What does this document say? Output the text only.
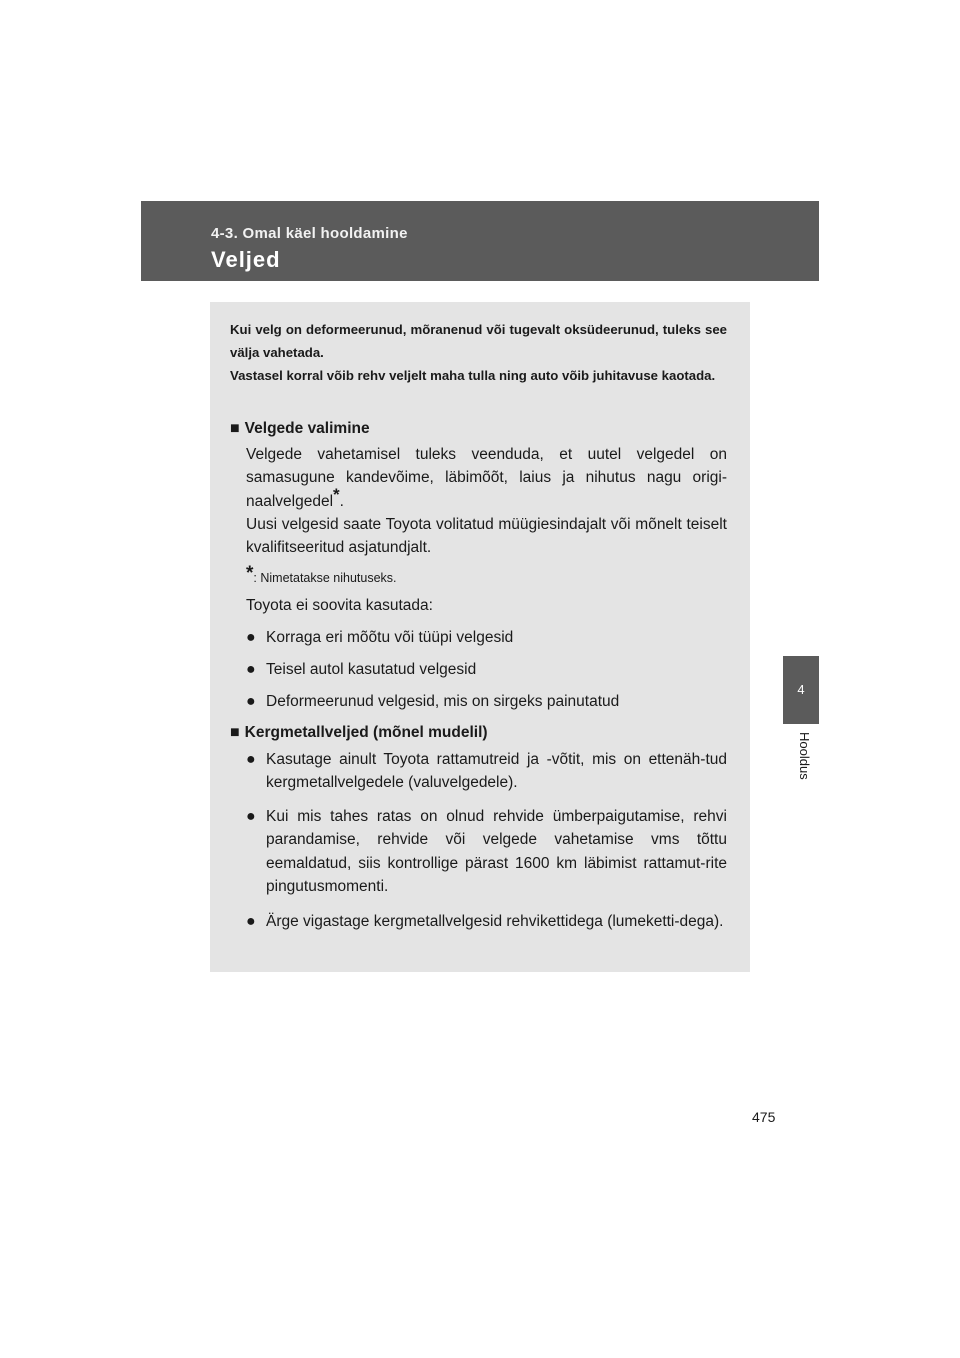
4-3. Omal käel hooldamine
Veljed
4
Hooldus

Kui velg on deformeerunud, mõranenud või tugevalt oksüdeerunud, tuleks see välja vahetada.

Vastasel korral võib rehv veljelt maha tulla ning auto võib juhitavuse kaotada.

■ Velgede valimine

Velgede vahetamisel tuleks veenduda, et uutel velgedel on samasugune kandevõime, läbimõõt, laius ja nihutus nagu origi-naalvelgedel*.

Uusi velgesid saate Toyota volitatud müügiesindajalt või mõnelt teiselt kvalifitseeritud asjatundjalt.

*: Nimetatakse nihutuseks.
Toyota ei soovita kasutada:
● Korraga eri mõõtu või tüüpi velgesid
● Teisel autol kasutatud velgesid
● Deformeerunud velgesid, mis on sirgeks painutatud
■ Kergmetallveljed (mõnel mudelil)
● Kasutage ainult Toyota rattamutreid ja -võtit, mis on ettenäh-tud kergmetallvelgedele (valuvelgedele).
● Kui mis tahes ratas on olnud rehvide ümberpaigutamise, rehvi parandamise, rehvide või velgede vahetamise vms tõttu eemaldatud, siis kontrollige pärast 1600 km läbimist rattamut-rite pingutusmomenti.
● Ärge vigastage kergmetallvelgesid rehvikettidega (lumeketti-dega).
475
